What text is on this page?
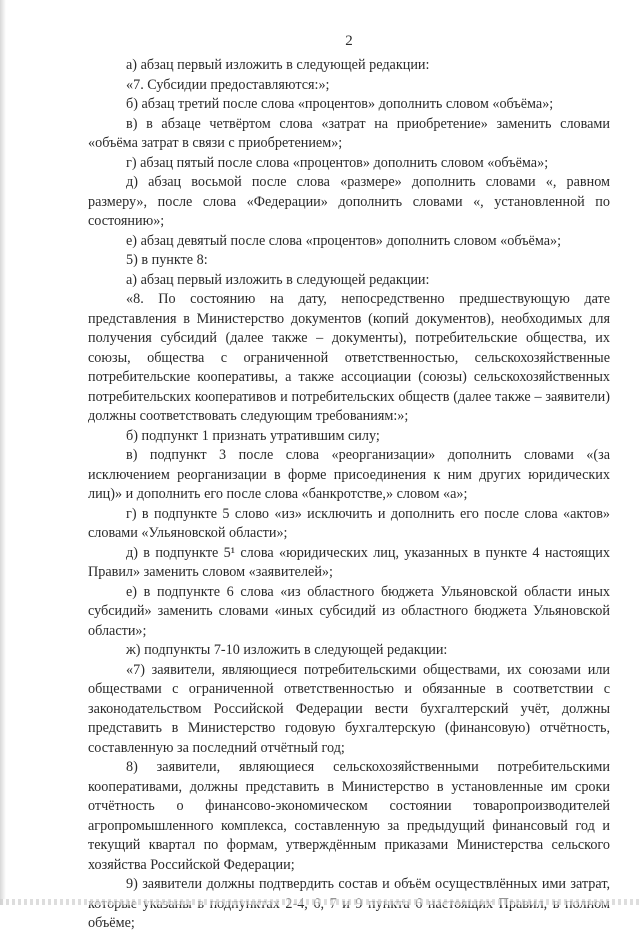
2

а) абзац первый изложить в следующей редакции:

«7. Субсидии предоставляются:»;

б) абзац третий после слова «процентов» дополнить словом «объёма»;

в) в абзаце четвёртом слова «затрат на приобретение» заменить словами «объёма затрат в связи с приобретением»;

г) абзац пятый после слова «процентов» дополнить словом «объёма»;

д) абзац восьмой после слова «размере» дополнить словами «, равном размеру», после слова «Федерации» дополнить словами «, установленной по состоянию»;

е) абзац девятый после слова «процентов» дополнить словом «объёма»;

5) в пункте 8:

а) абзац первый изложить в следующей редакции:

«8. По состоянию на дату, непосредственно предшествующую дате представления в Министерство документов (копий документов), необходимых для получения субсидий (далее также – документы), потребительские общества, их союзы, общества с ограниченной ответственностью, сельскохозяйственные потребительские кооперативы, а также ассоциации (союзы) сельскохозяйственных потребительских кооперативов и потребительских обществ (далее также – заявители) должны соответствовать следующим требованиям:»;

б) подпункт 1 признать утратившим силу;

в) подпункт 3 после слова «реорганизации» дополнить словами «(за исключением реорганизации в форме присоединения к ним других юридических лиц)» и дополнить его после слова «банкротстве,» словом «а»;

г) в подпункте 5 слово «из» исключить и дополнить его после слова «актов» словами «Ульяновской области»;

д) в подпункте 5¹ слова «юридических лиц, указанных в пункте 4 настоящих Правил» заменить словом «заявителей»;

е) в подпункте 6 слова «из областного бюджета Ульяновской области иных субсидий» заменить словами «иных субсидий из областного бюджета Ульяновской области»;

ж) подпункты 7-10 изложить в следующей редакции:

«7) заявители, являющиеся потребительскими обществами, их союзами или обществами с ограниченной ответственностью и обязанные в соответствии с законодательством Российской Федерации вести бухгалтерский учёт, должны представить в Министерство годовую бухгалтерскую (финансовую) отчётность, составленную за последний отчётный год;

8) заявители, являющиеся сельскохозяйственными потребительскими кооперативами, должны представить в Министерство в установленные им сроки отчётность о финансово-экономическом состоянии товаропроизводителей агропромышленного комплекса, составленную за предыдущий финансовый год и текущий квартал по формам, утверждённым приказами Министерства сельского хозяйства Российской Федерации;

9) заявители должны подтвердить состав и объём осуществлённых ими затрат, объёме;
